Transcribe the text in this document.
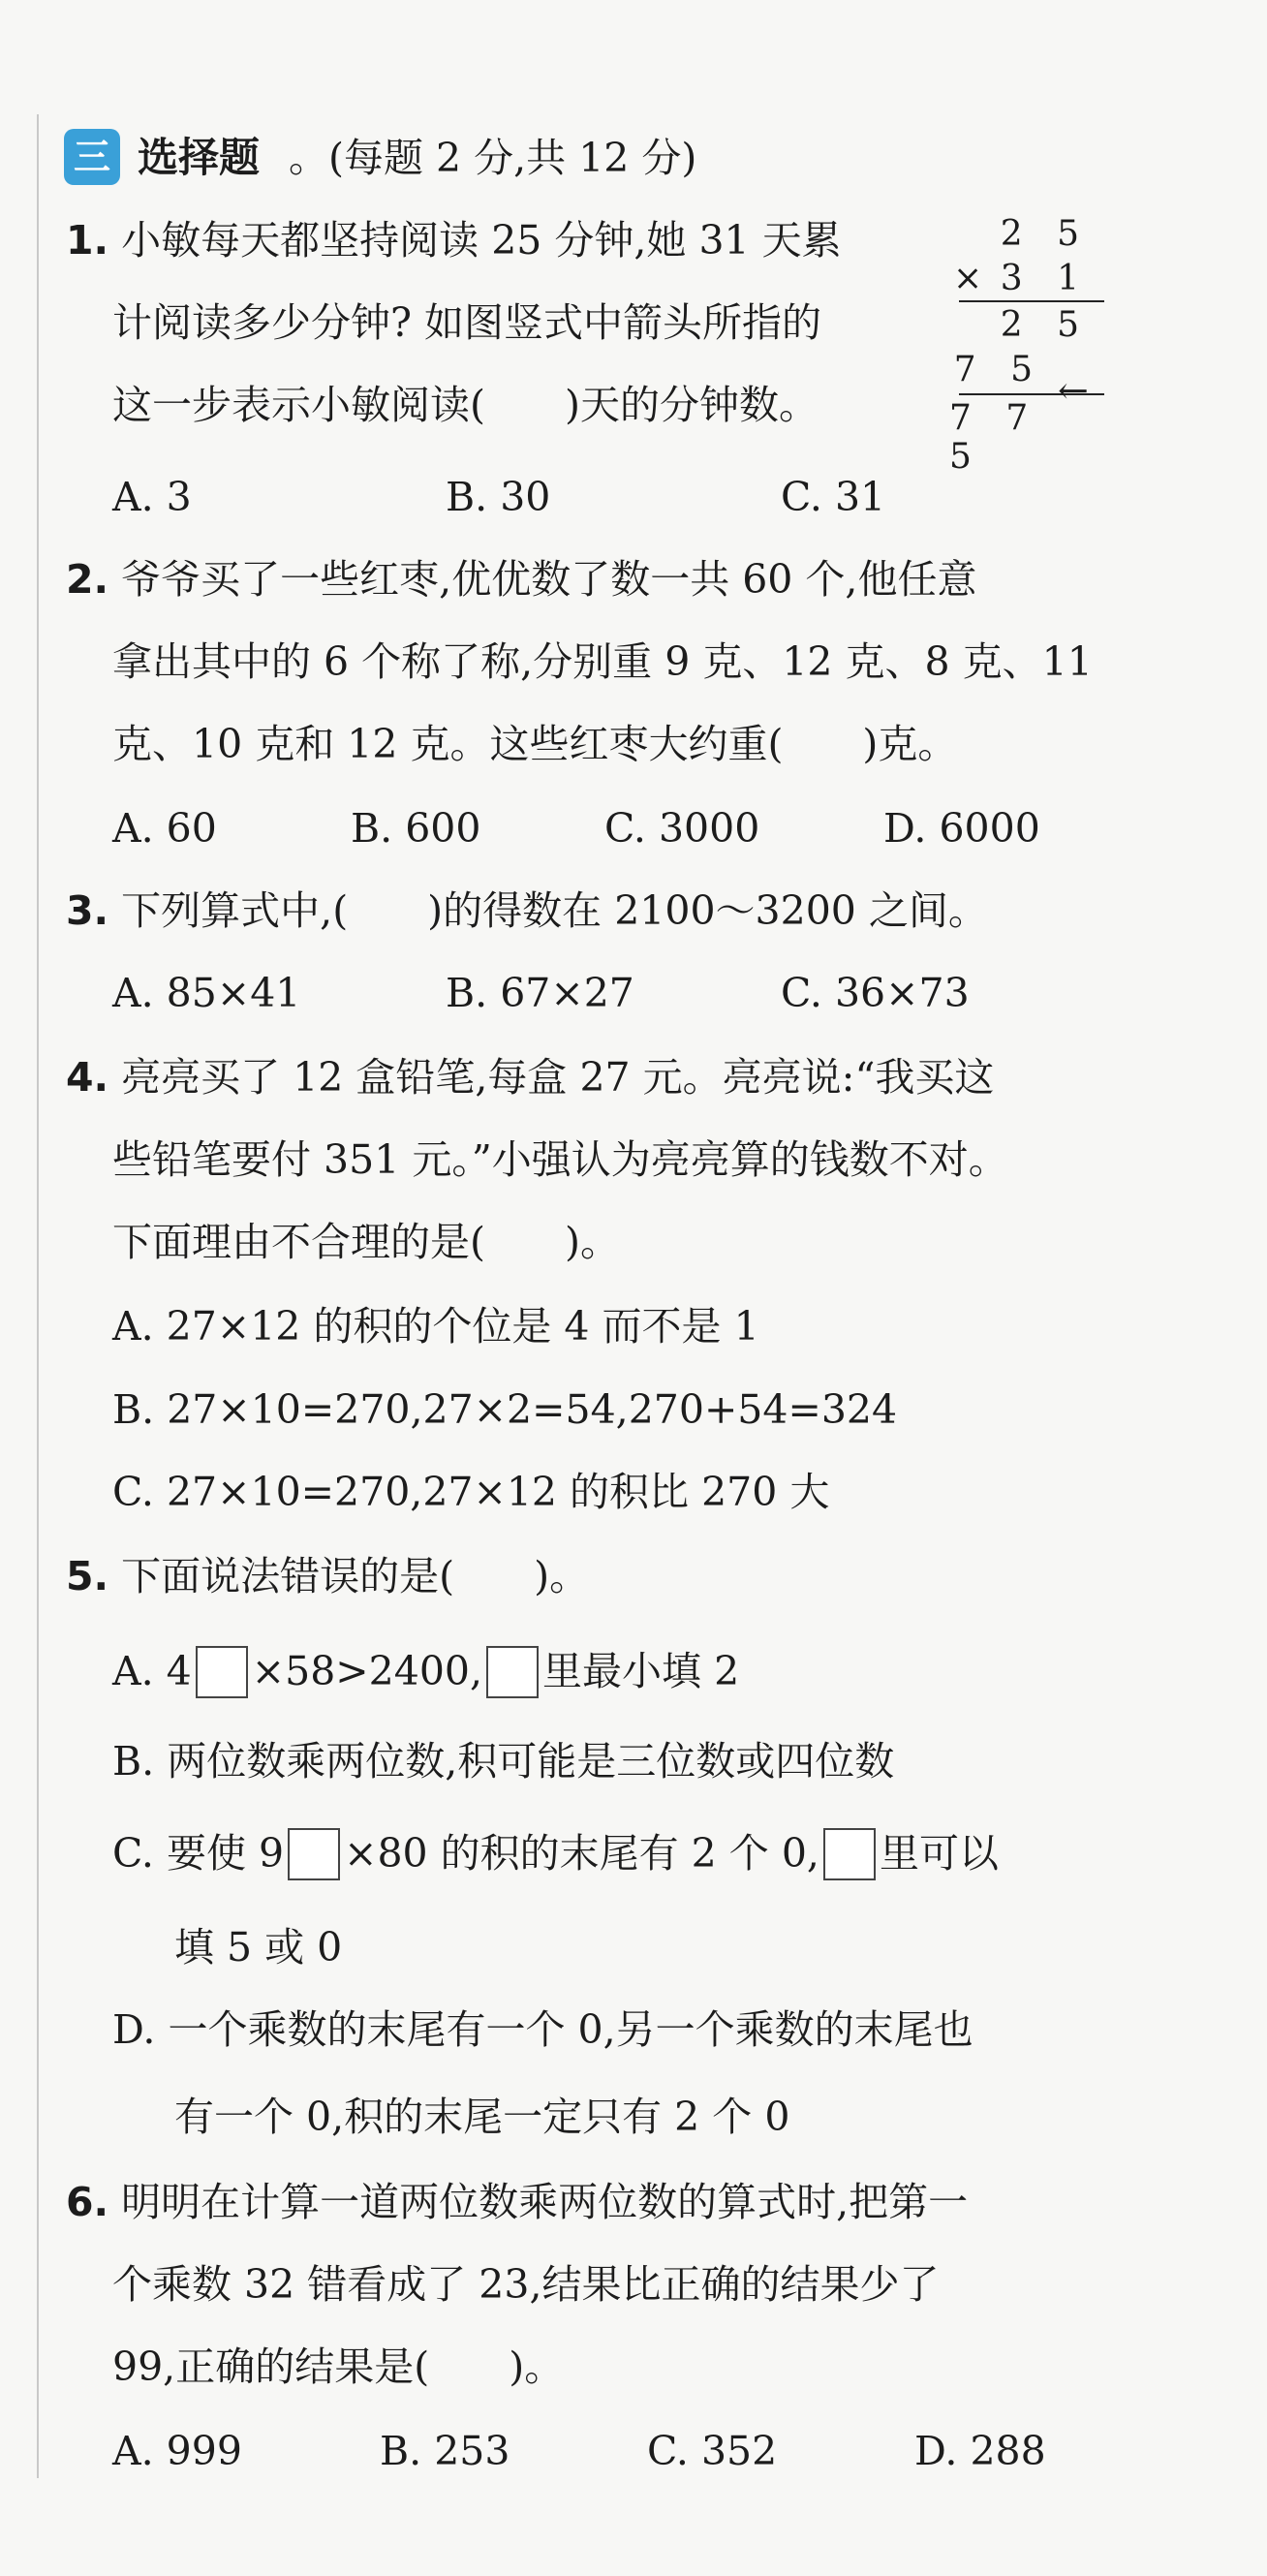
三 选择题 。(每题 2 分,共 12 分)
1. 小敏每天都坚持阅读 25 分钟,她 31 天累
计阅读多少分钟? 如图竖式中箭头所指的
这一步表示小敏阅读(　　)天的分钟数。
2 5
× 3 1
2 5
7 5
7 7 5
←
A. 3	B. 30	C. 31
2. 爷爷买了一些红枣,优优数了数一共 60 个,他任意
拿出其中的 6 个称了称,分别重 9 克、12 克、8 克、11
克、10 克和 12 克。这些红枣大约重(　　)克。
A. 60	B. 600	C. 3000	D. 6000
3. 下列算式中,(　　)的得数在 2100～3200 之间。
A. 85×41	B. 67×27	C. 36×73
4. 亮亮买了 12 盒铅笔,每盒 27 元。亮亮说:“我买这
些铅笔要付 351 元。”小强认为亮亮算的钱数不对。
下面理由不合理的是(　　)。
A. 27×12 的积的个位是 4 而不是 1
B. 27×10=270,27×2=54,270+54=324
C. 27×10=270,27×12 的积比 270 大
5. 下面说法错误的是(　　)。
A. 4 ×58>2400, 里最小填 2
B. 两位数乘两位数,积可能是三位数或四位数
C. 要使 9 ×80 的积的末尾有 2 个 0, 里可以
填 5 或 0
D. 一个乘数的末尾有一个 0,另一个乘数的末尾也
有一个 0,积的末尾一定只有 2 个 0
6. 明明在计算一道两位数乘两位数的算式时,把第一
个乘数 32 错看成了 23,结果比正确的结果少了
99,正确的结果是(　　)。
A. 999	B. 253	C. 352	D. 288
